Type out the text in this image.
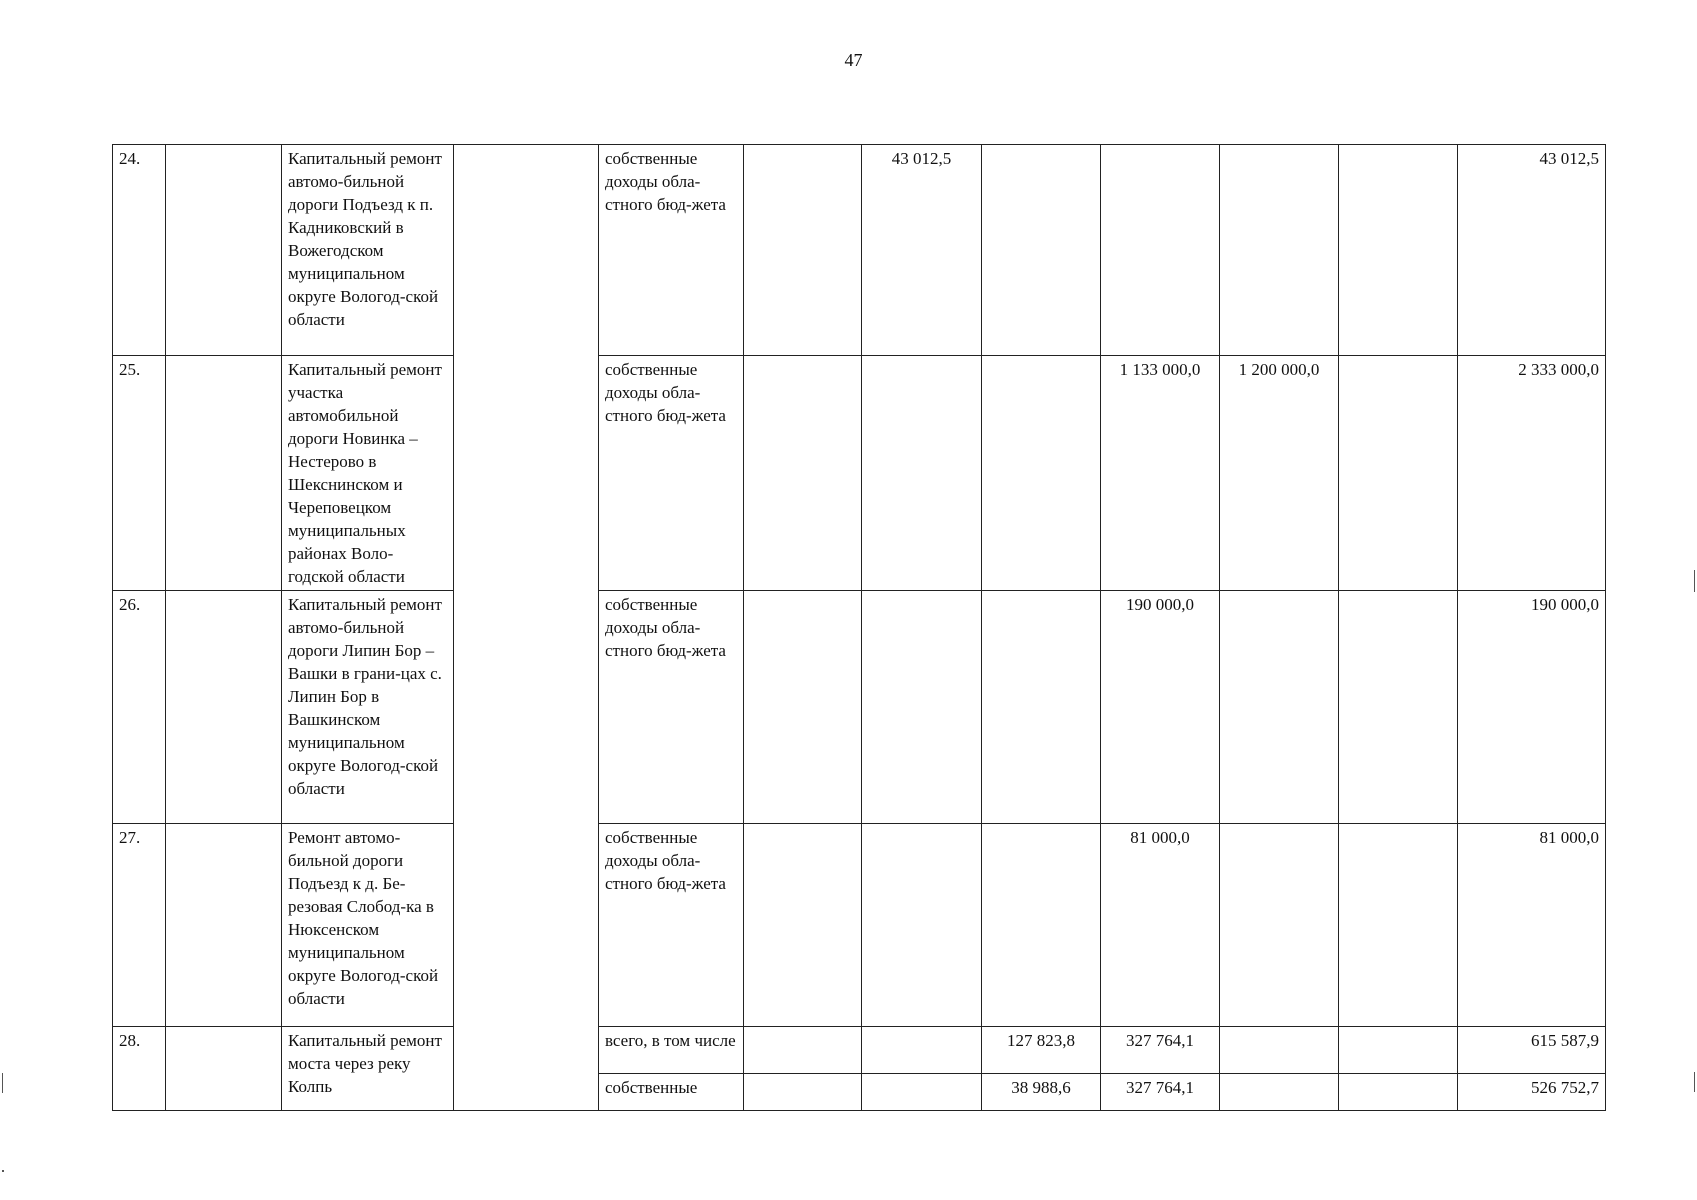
47
24.		Капитальный ремонт автомо-бильной дороги Подъезд к п. Кадниковский в Вожегодском муниципальном округе Вологод-ской области		собственные доходы обла-стного бюд-жета		43 012,5					43 012,5
25.		Капитальный ремонт участка автомобильной дороги Новинка – Нестерово в Шекснинском и Череповецком муниципальных районах Воло-годской области		собственные доходы обла-стного бюд-жета				1 133 000,0	1 200 000,0		2 333 000,0
26.		Капитальный ремонт автомо-бильной дороги Липин Бор – Вашки в грани-цах с. Липин Бор в Вашкинском муниципальном округе Вологод-ской области		собственные доходы обла-стного бюд-жета				190 000,0			190 000,0
27.		Ремонт автомо-бильной дороги Подъезд к д. Бе-резовая Слобод-ка в Нюксенском муниципальном округе Вологод-ской области		собственные доходы обла-стного бюд-жета				81 000,0			81 000,0
28.		Капитальный ремонт моста через реку Колпь		всего, в том числе			127 823,8	327 764,1			615 587,9
				собственные			38 988,6	327 764,1			526 752,7
